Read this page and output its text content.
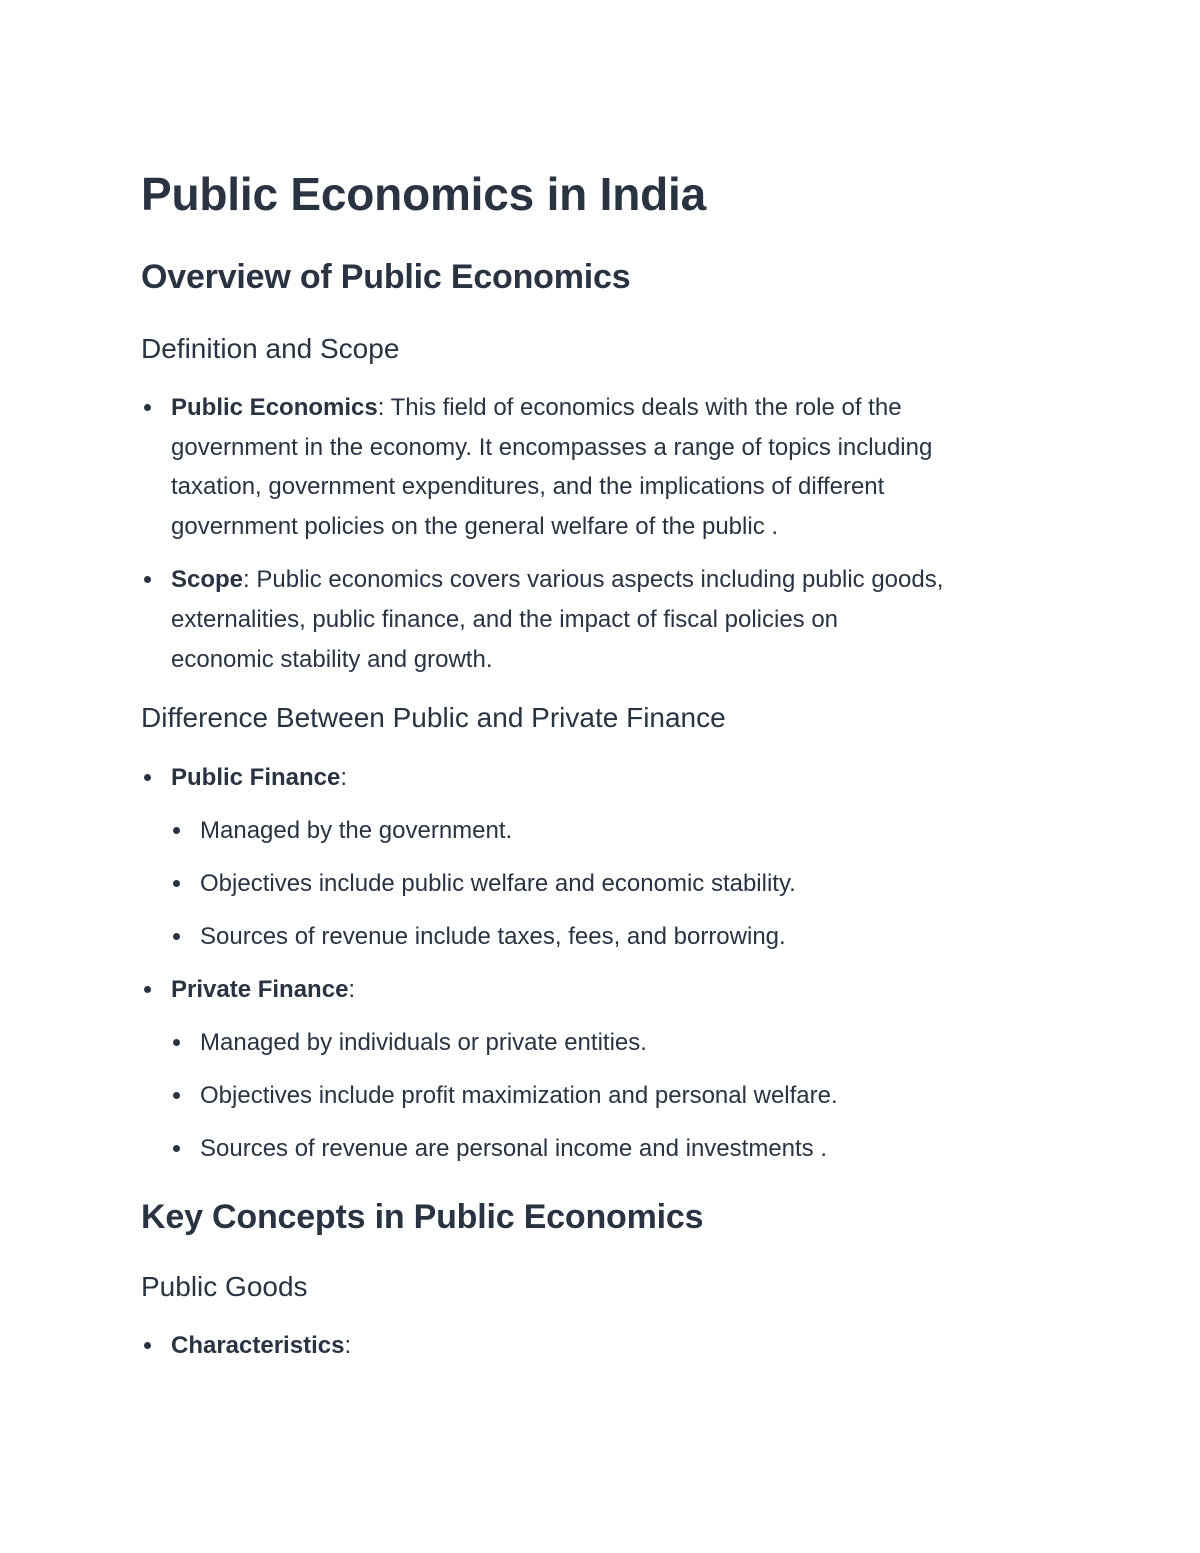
Public Economics in India
Overview of Public Economics
Definition and Scope
Public Economics: This field of economics deals with the role of the
government in the economy. It encompasses a range of topics including
taxation, government expenditures, and the implications of different
government policies on the general welfare of the public .
Scope: Public economics covers various aspects including public goods,
externalities, public finance, and the impact of fiscal policies on
economic stability and growth.
Difference Between Public and Private Finance
Public Finance:
Managed by the government.
Objectives include public welfare and economic stability.
Sources of revenue include taxes, fees, and borrowing.
Private Finance:
Managed by individuals or private entities.
Objectives include profit maximization and personal welfare.
Sources of revenue are personal income and investments .
Key Concepts in Public Economics
Public Goods
Characteristics:
